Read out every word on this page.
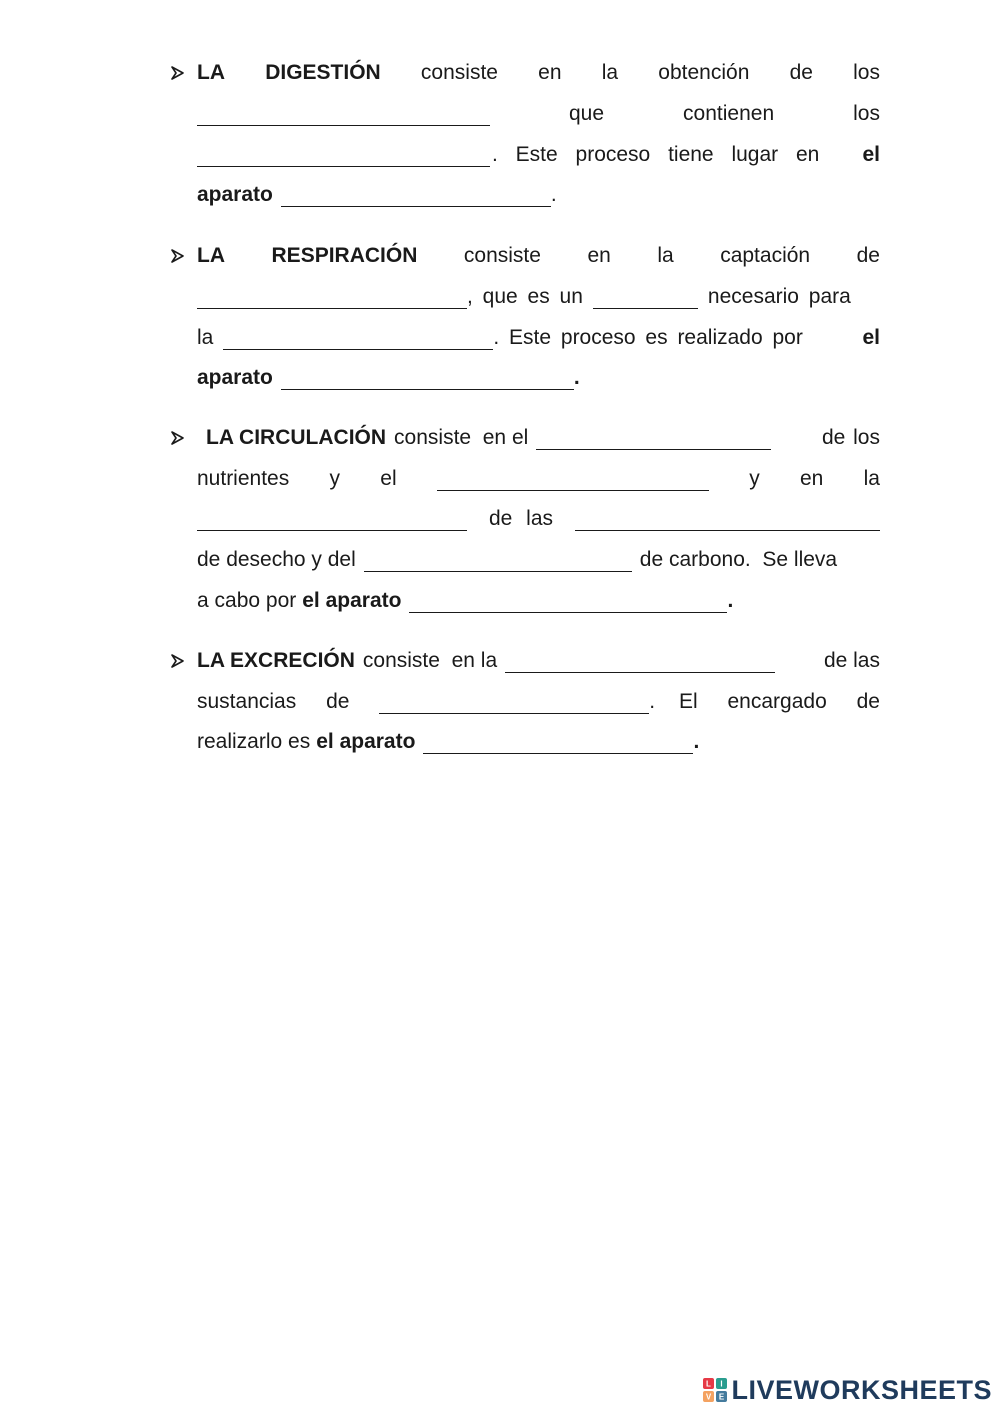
LA DIGESTIÓN consiste en la obtención de los
que	contienen	los
. Este proceso tiene lugar en el
aparato	.
LA RESPIRACIÓN consiste en la captación de
, que es un	necesario para
la	. Este proceso es realizado por	el
aparato	.
LA CIRCULACIÓN consiste  en el	de los
nutrientes y el	y en la
de las
de desecho y del	de carbono.  Se lleva
a cabo por el aparato	.
LA EXCRECIÓN consiste  en la	de las
sustancias de	. El encargado de
realizarlo es el aparato	.
L I
V E LIVEWORKSHEETS
